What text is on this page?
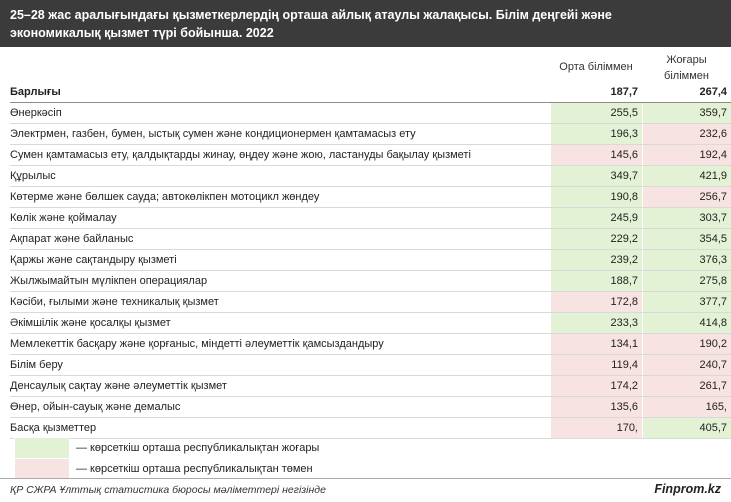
25–28 жас аралығындағы қызметкерлердің орташа айлық атаулы жалақысы. Білім деңгейі және
экономикалық қызмет түрі бойынша. 2022
Орта біліммен
Жоғары
біліммен
Барлығы	187,7	267,4
Өнеркәсіп	255,5	359,7
Электрмен, газбен, бумен, ыстық сумен және кондиционермен қамтамасыз ету	196,3	232,6
Сумен қамтамасыз ету, қалдықтарды жинау, өңдеу және жою, ластануды бақылау қызметі	145,6	192,4
Құрылыс	349,7	421,9
Көтерме және бөлшек сауда; автокөлікпен мотоцикл жөндеу	190,8	256,7
Көлік және қоймалау	245,9	303,7
Ақпарат және байланыс	229,2	354,5
Қаржы және сақтандыру қызметі	239,2	376,3
Жылжымайтын мүлікпен операциялар	188,7	275,8
Кәсіби, ғылыми және техникалық қызмет	172,8	377,7
Әкімшілік және қосалқы қызмет	233,3	414,8
Мемлекеттік басқару және қорғаныс, міндетті әлеуметтік қамсыздандыру	134,1	190,2
Білім беру	119,4	240,7
Денсаулық сақтау және әлеуметтік қызмет	174,2	261,7
Өнер, ойын-сауық және демалыс	135,6	165,
Басқа қызметтер	170,	405,7
— көрсеткіш орташа республикалықтан жоғары
— көрсеткіш орташа республикалықтан төмен
ҚР СЖРА Ұлттық статистика бюросы мәліметтері негізінде	Finprom.kz
